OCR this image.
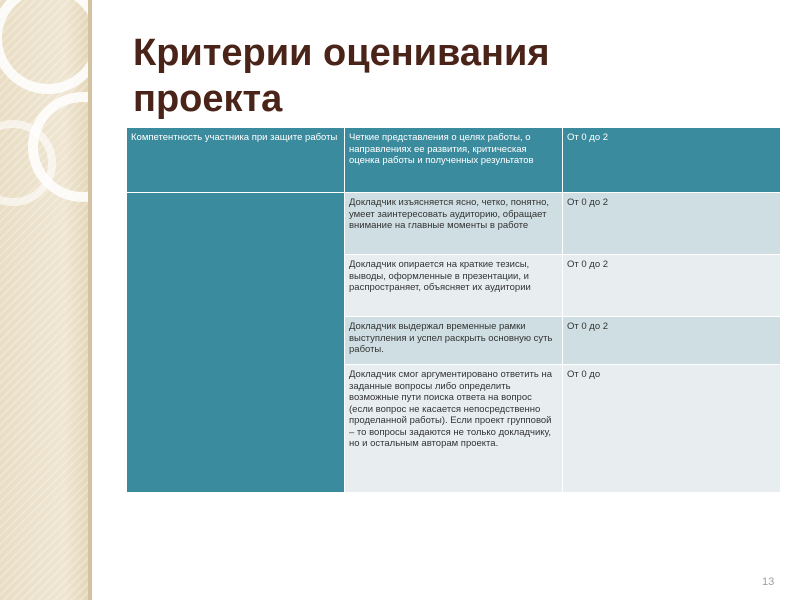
Критерии оценивания
проекта
Компетентность участника при защите работы	Четкие представления о целях работы, о направлениях ее развития, критическая оценка работы и полученных результатов	От 0 до 2
	Докладчик изъясняется ясно, четко, понятно, умеет заинтересовать аудиторию, обращает внимание на главные моменты в работе	От 0 до 2
	Докладчик опирается на краткие тезисы, выводы, оформленные в презентации, и распространяет, объясняет их аудитории	От 0 до 2
	Докладчик выдержал временные рамки выступления и успел раскрыть основную суть работы.	От 0 до 2
	Докладчик смог аргументировано ответить на заданные вопросы либо определить возможные пути поиска ответа на вопрос (если вопрос не касается непосредственно проделанной работы). Если проект групповой – то вопросы задаются не только докладчику, но и остальным авторам проекта.	От 0 до
13
